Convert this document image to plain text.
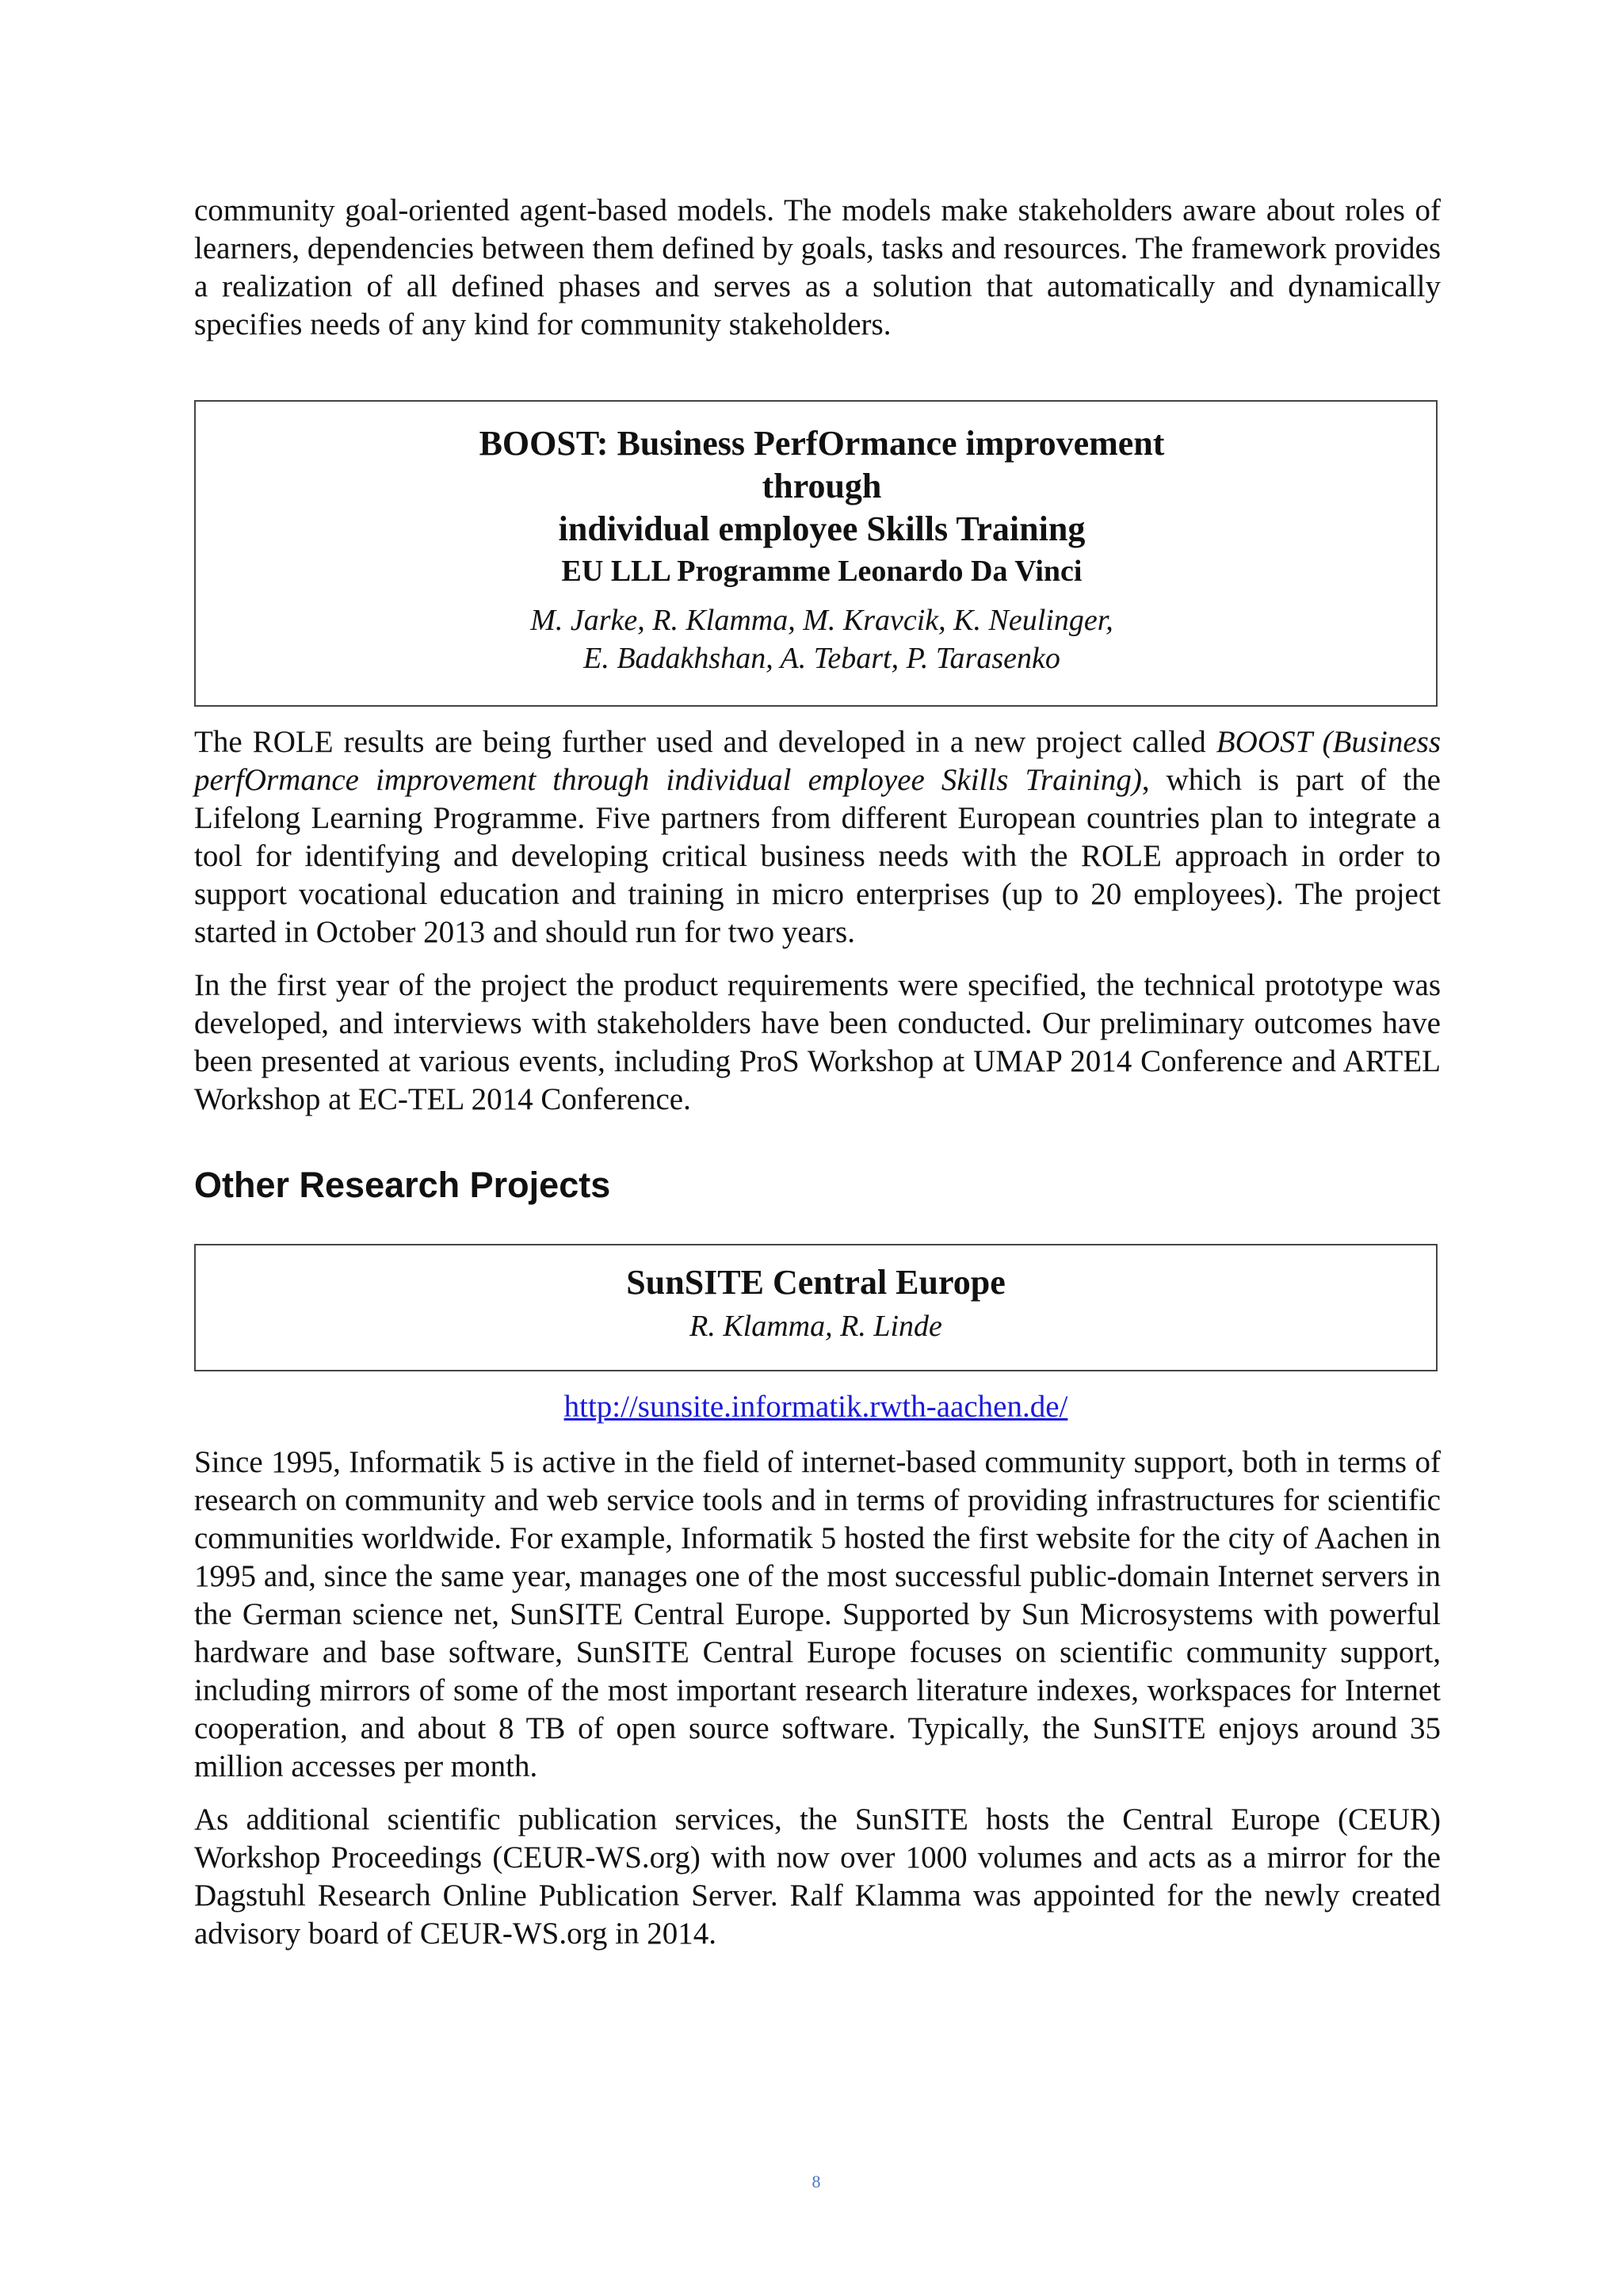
community goal-oriented agent-based models. The models make stakeholders aware about roles of learners, dependencies between them defined by goals, tasks and resources. The framework provides a realization of all defined phases and serves as a solution that automatically and dynamically specifies needs of any kind for community stakeholders.

BOOST: Business PerfOrmance improvement through

individual employee Skills Training

EU LLL Programme Leonardo Da Vinci

M. Jarke, R. Klamma, M. Kravcik, K. Neulinger,

E. Badakhshan, A. Tebart, P. Tarasenko

The ROLE results are being further used and developed in a new project called BOOST (Business perfOrmance improvement through individual employee Skills Training), which is part of the Lifelong Learning Programme. Five partners from different European countries plan to integrate a tool for identifying and developing critical business needs with the ROLE approach in order to support vocational education and training in micro enterprises (up to 20 employees). The project started in October 2013 and should run for two years.

In the first year of the project the product requirements were specified, the technical prototype was developed, and interviews with stakeholders have been conducted. Our preliminary outcomes have been presented at various events, including ProS Workshop at UMAP 2014 Conference and ARTEL Workshop at EC-TEL 2014 Conference.

Other Research Projects

SunSITE Central Europe

R. Klamma, R. Linde

http://sunsite.informatik.rwth-aachen.de/

Since 1995, Informatik 5 is active in the field of internet-based community support, both in terms of research on community and web service tools and in terms of providing infrastructures for scientific communities worldwide. For example, Informatik 5 hosted the first website for the city of Aachen in 1995 and, since the same year, manages one of the most successful public-domain Internet servers in the German science net, SunSITE Central Europe. Supported by Sun Microsystems with powerful hardware and base software, SunSITE Central Europe focuses on scientific community support, including mirrors of some of the most important research literature indexes, workspaces for Internet cooperation, and about 8 TB of open source software. Typically, the SunSITE enjoys around 35 million accesses per month.

As additional scientific publication services, the SunSITE hosts the Central Europe (CEUR) Workshop Proceedings (CEUR-WS.org) with now over 1000 volumes and acts as a mirror for the Dagstuhl Research Online Publication Server. Ralf Klamma was appointed for the newly created advisory board of CEUR-WS.org in 2014.

8
